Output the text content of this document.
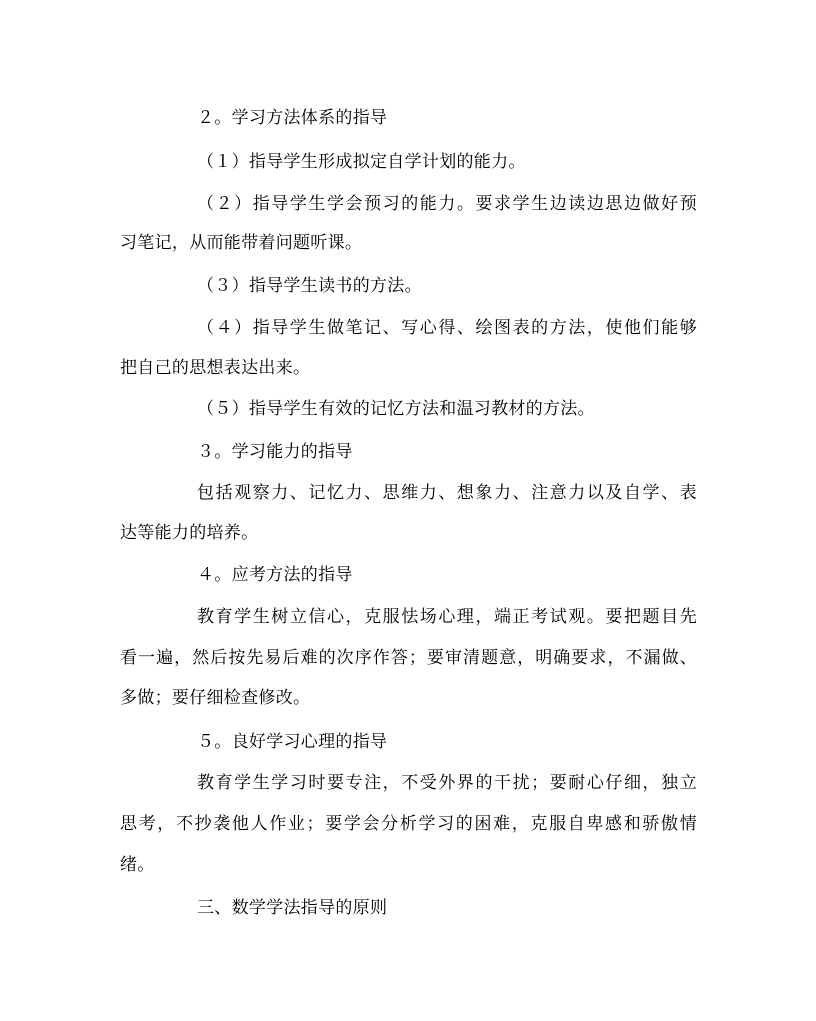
２。学习方法体系的指导
（１）指导学生形成拟定自学计划的能力。
（２）指导学生学会预习的能力。要求学生边读边思边做好预
习笔记，从而能带着问题听课。
（３）指导学生读书的方法。
（４）指导学生做笔记、写心得、绘图表的方法，使他们能够
把自己的思想表达出来。
（５）指导学生有效的记忆方法和温习教材的方法。
３。学习能力的指导
包括观察力、记忆力、思维力、想象力、注意力以及自学、表
达等能力的培养。
４。应考方法的指导
教育学生树立信心，克服怯场心理，端正考试观。要把题目先
看一遍，然后按先易后难的次序作答；要审清题意，明确要求，不漏做、
多做；要仔细检查修改。
５。良好学习心理的指导
教育学生学习时要专注，不受外界的干扰；要耐心仔细，独立
思考，不抄袭他人作业；要学会分析学习的困难，克服自卑感和骄傲情
绪。
三、数学学法指导的原则
